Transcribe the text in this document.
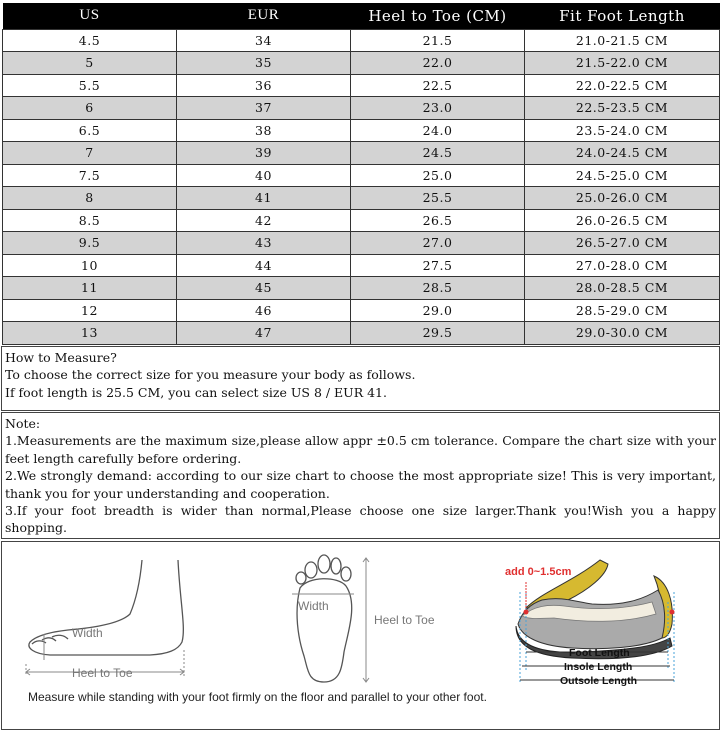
US	EUR	Heel to Toe (CM)	Fit Foot Length
4.5	34	21.5	21.0-21.5 CM
5	35	22.0	21.5-22.0 CM
5.5	36	22.5	22.0-22.5 CM
6	37	23.0	22.5-23.5 CM
6.5	38	24.0	23.5-24.0 CM
7	39	24.5	24.0-24.5 CM
7.5	40	25.0	24.5-25.0 CM
8	41	25.5	25.0-26.0 CM
8.5	42	26.5	26.0-26.5 CM
9.5	43	27.0	26.5-27.0 CM
10	44	27.5	27.0-28.0 CM
11	45	28.5	28.0-28.5 CM
12	46	29.0	28.5-29.0 CM
13	47	29.5	29.0-30.0 CM
How to Measure?
To choose the correct size for you measure your body as follows.
If foot length is 25.5 CM, you can select size US 8 / EUR 41.
Note:
1.Measurements are the maximum size,please allow appr ±0.5 cm tolerance. Compare the chart size with your feet length carefully before ordering.
2.We strongly demand: according to our size chart to choose the most appropriate size! This is very important, thank you for your understanding and cooperation.
3.If your foot breadth is wider than normal,Please choose one size larger.Thank you!Wish you a happy shopping.
Width
Heel to Toe
Width
Heel to Toe
add 0~1.5cm
Foot Length
Insole Length
Outsole Length
Measure while standing with your foot firmly on the floor and parallel to your other foot.
